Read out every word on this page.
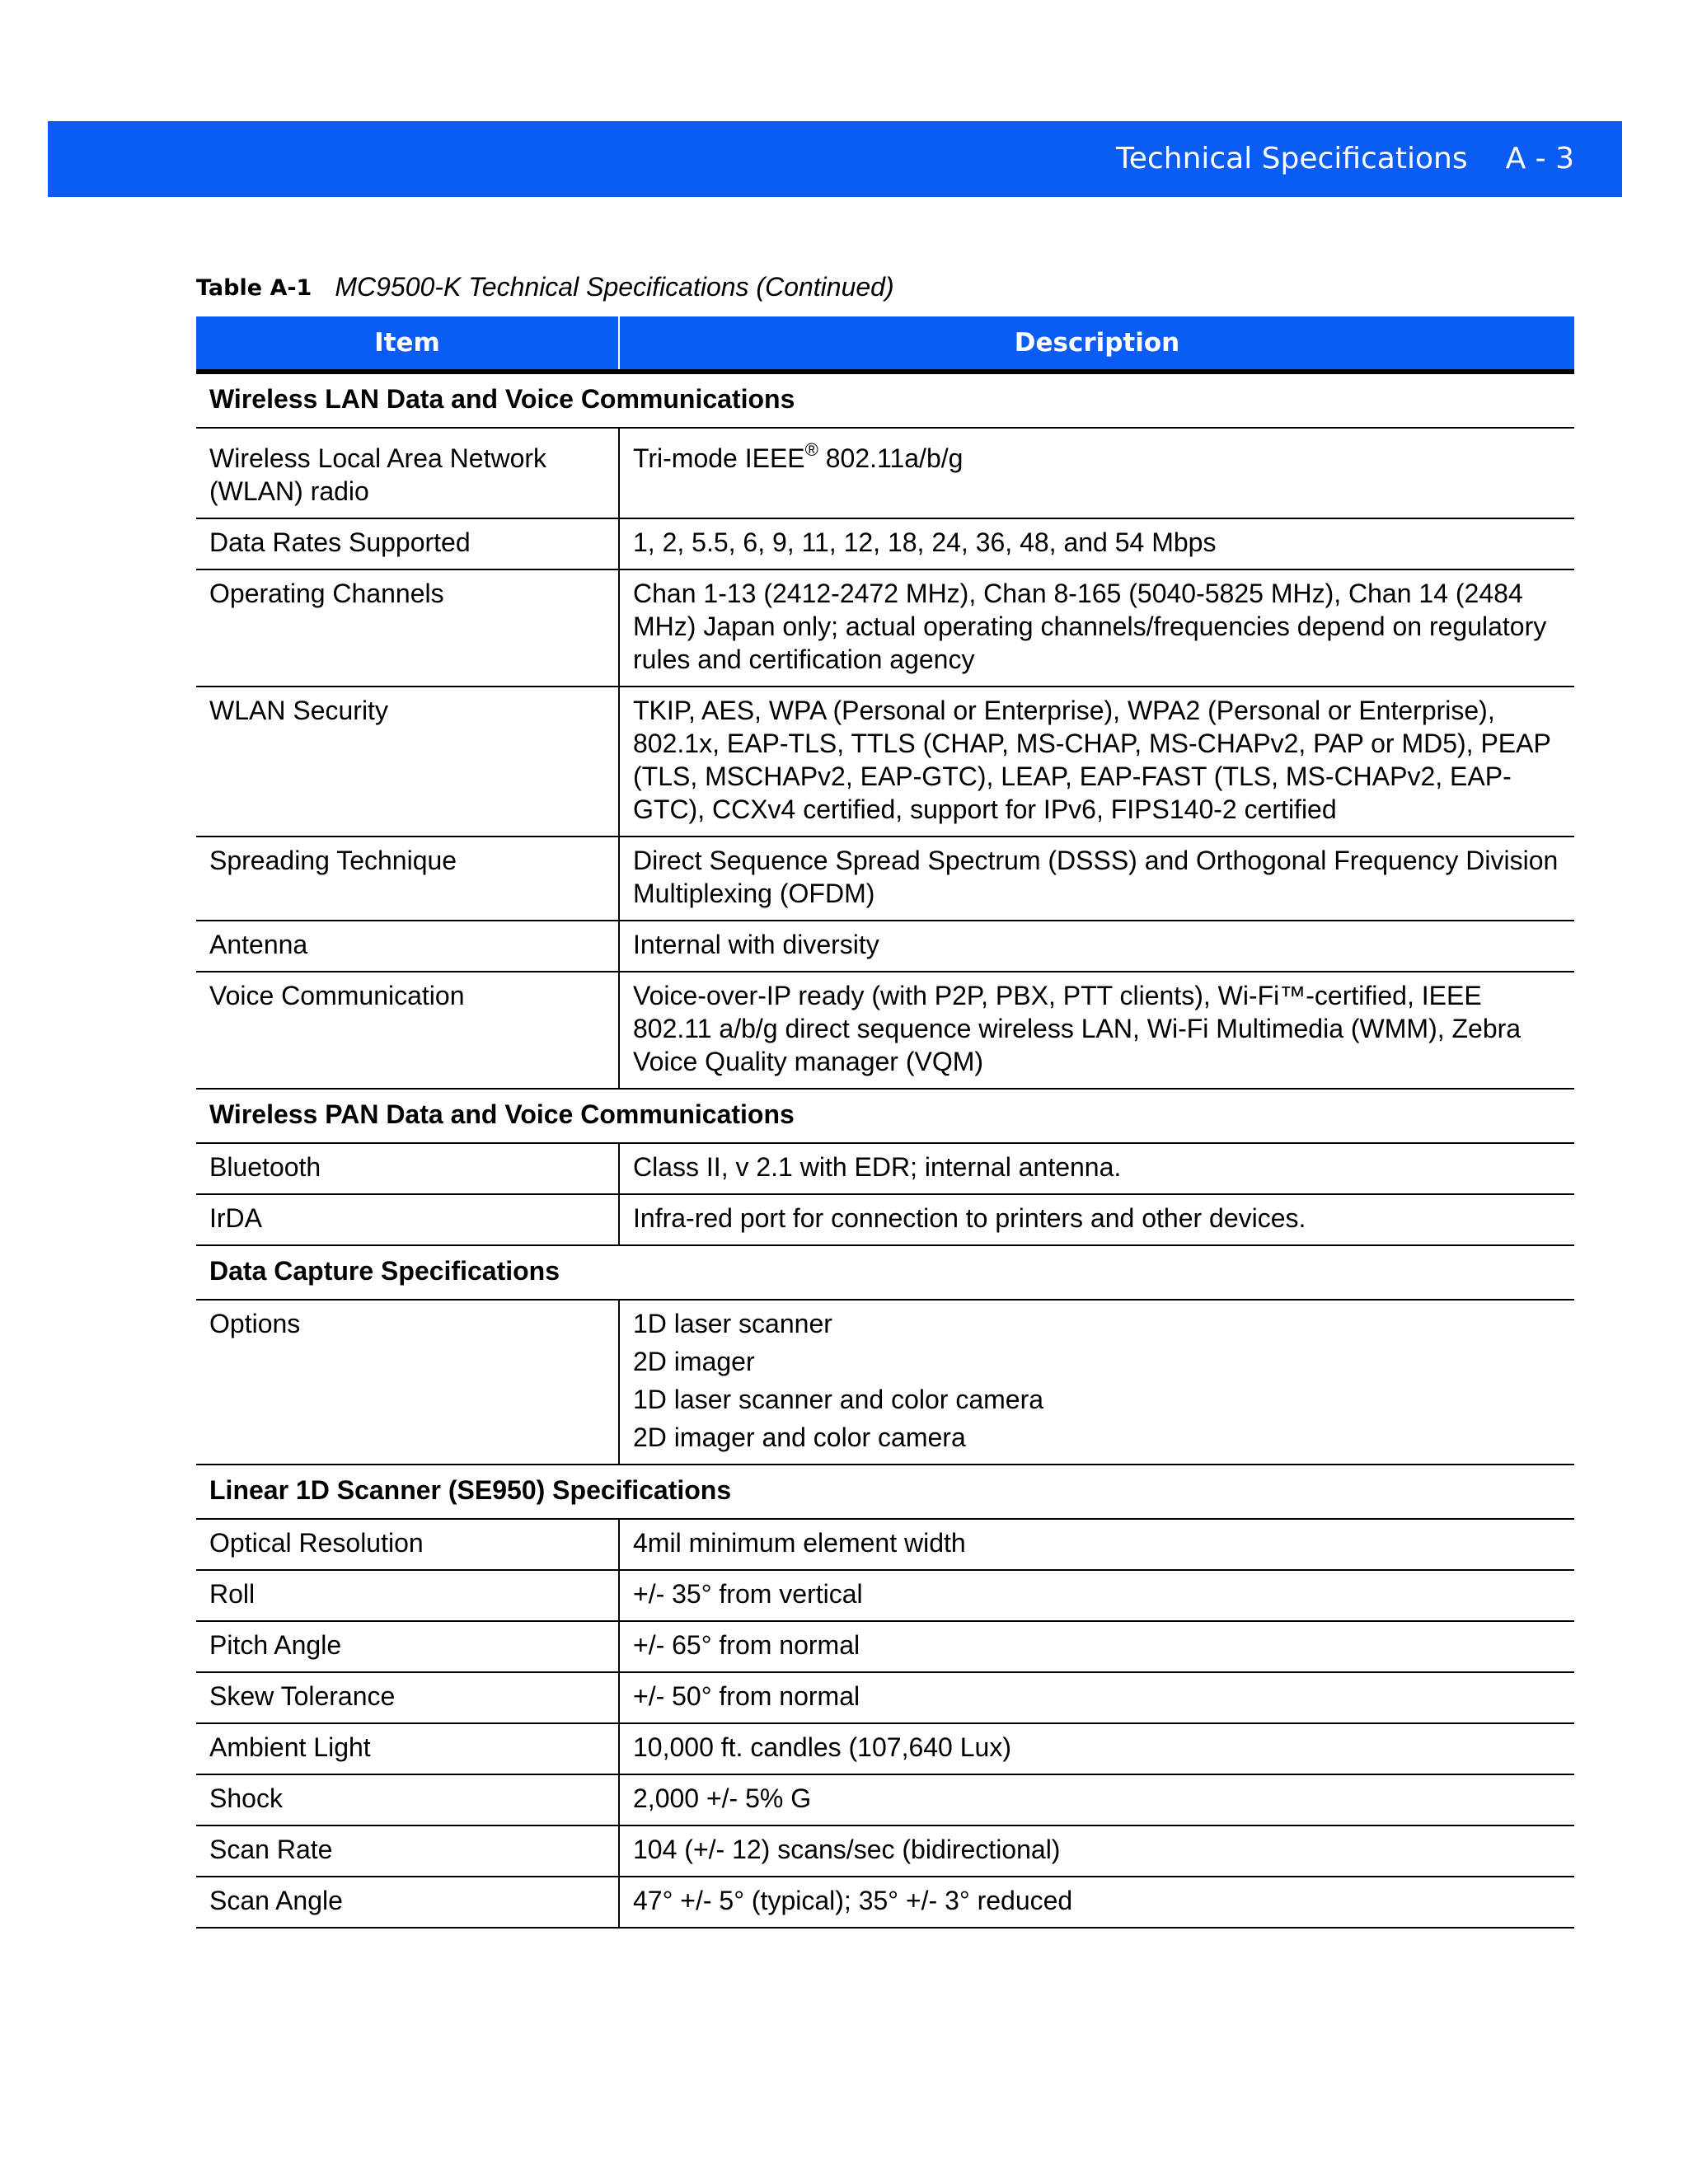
Technical Specifications A - 3
Table A-1 MC9500-K Technical Specifications (Continued)
Item	Description
Wireless LAN Data and Voice Communications	
Wireless Local Area Network (WLAN) radio	Tri-mode IEEE® 802.11a/b/g
Data Rates Supported	1, 2, 5.5, 6, 9, 11, 12, 18, 24, 36, 48, and 54 Mbps
Operating Channels	Chan 1-13 (2412-2472 MHz), Chan 8-165 (5040-5825 MHz), Chan 14 (2484 MHz) Japan only; actual operating channels/frequencies depend on regulatory rules and certification agency
WLAN Security	TKIP, AES, WPA (Personal or Enterprise), WPA2 (Personal or Enterprise), 802.1x, EAP-TLS, TTLS (CHAP, MS-CHAP, MS-CHAPv2, PAP or MD5), PEAP (TLS, MSCHAPv2, EAP-GTC), LEAP, EAP-FAST (TLS, MS-CHAPv2, EAP-GTC), CCXv4 certified, support for IPv6, FIPS140-2 certified
Spreading Technique	Direct Sequence Spread Spectrum (DSSS) and Orthogonal Frequency Division Multiplexing (OFDM)
Antenna	Internal with diversity
Voice Communication	Voice-over-IP ready (with P2P, PBX, PTT clients), Wi-Fi™-certified, IEEE 802.11 a/b/g direct sequence wireless LAN, Wi-Fi Multimedia (WMM), Zebra Voice Quality manager (VQM)
Wireless PAN Data and Voice Communications	
Bluetooth	Class II, v 2.1 with EDR; internal antenna.
IrDA	Infra-red port for connection to printers and other devices.
Data Capture Specifications	
Options	1D laser scanner
2D imager
1D laser scanner and color camera
2D imager and color camera

Linear 1D Scanner (SE950) Specifications	
Optical Resolution	4mil minimum element width
Roll	+/- 35° from vertical
Pitch Angle	+/- 65° from normal
Skew Tolerance	+/- 50° from normal
Ambient Light	10,000 ft. candles (107,640 Lux)
Shock	2,000 +/- 5% G
Scan Rate	104 (+/- 12) scans/sec (bidirectional)
Scan Angle	47° +/- 5° (typical); 35° +/- 3° reduced
